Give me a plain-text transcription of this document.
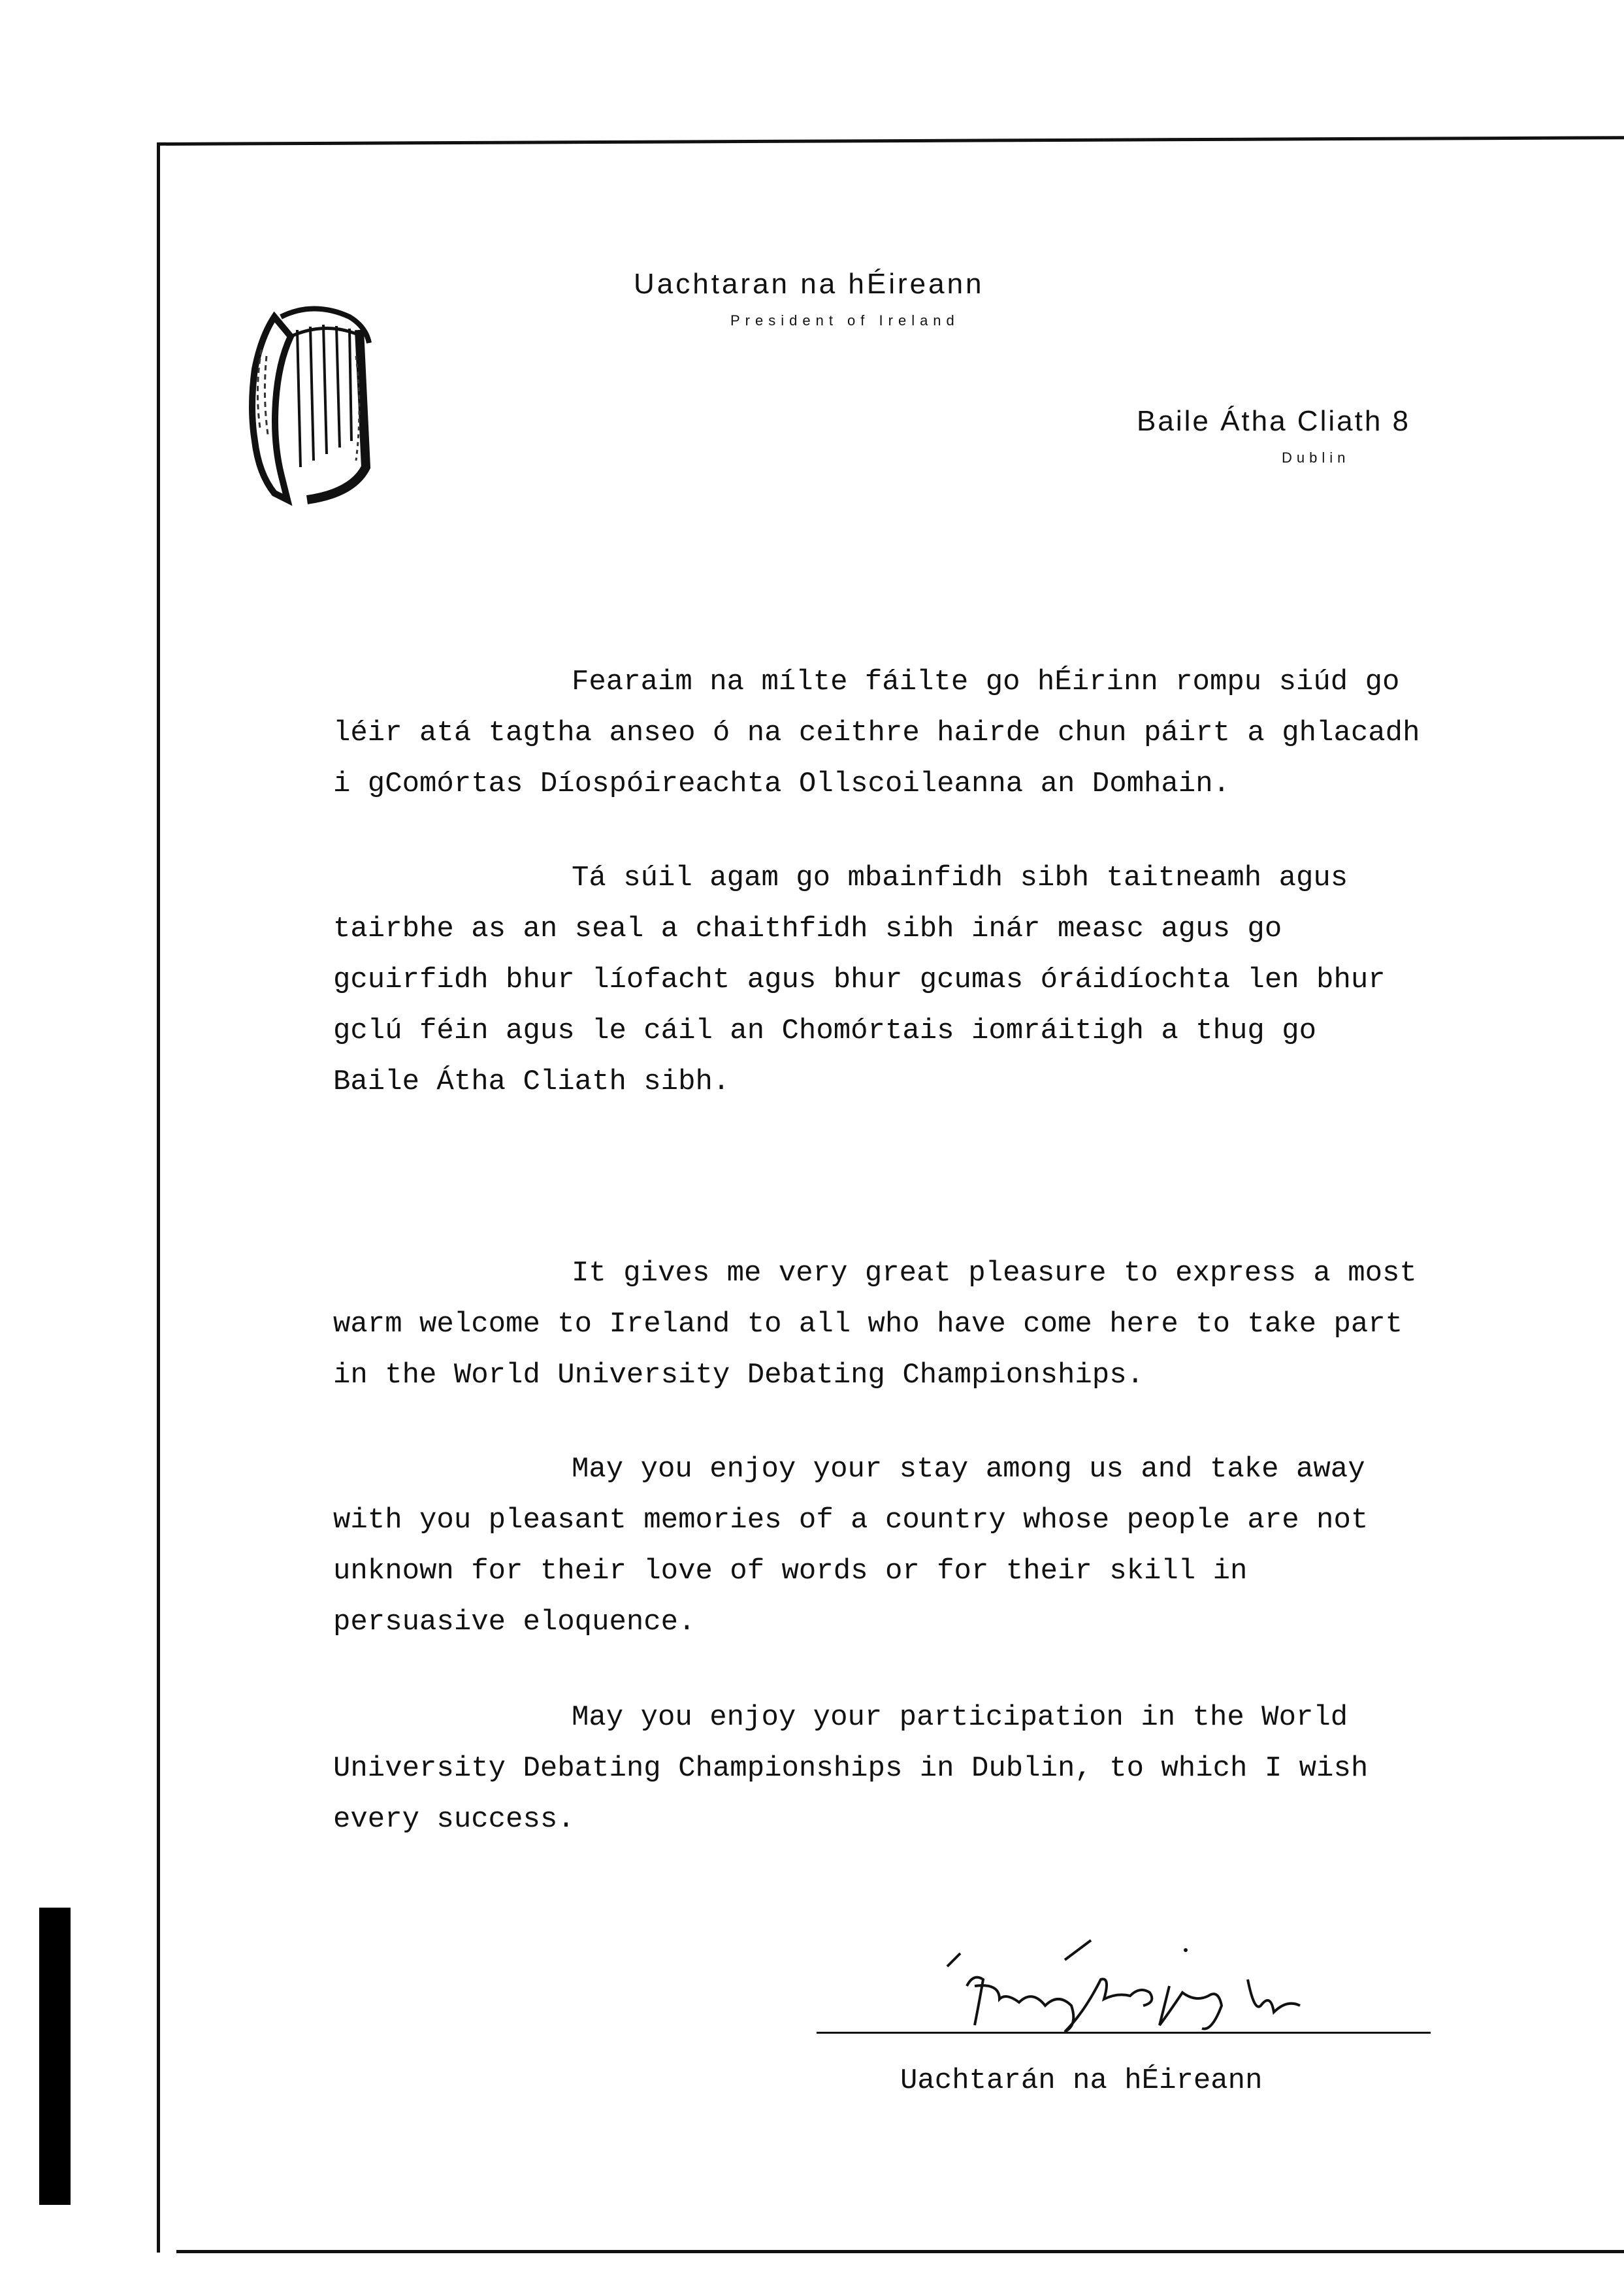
Uachtaran na hÉireann
President of Ireland
Baile Átha Cliath 8
Dublin
Fearaim na mílte fáilte go hÉirinn rompu siúd go
léir atá tagtha anseo ó na ceithre hairde chun páirt a ghlacadh
i gComórtas Díospóireachta Ollscoileanna an Domhain.
Tá súil agam go mbainfidh sibh taitneamh agus
tairbhe as an seal a chaithfidh sibh inár measc agus go
gcuirfidh bhur líofacht agus bhur gcumas óráidíochta len bhur
gclú féin agus le cáil an Chomórtais iomráitigh a thug go
Baile Átha Cliath sibh.
It gives me very great pleasure to express a most
warm welcome to Ireland to all who have come here to take part
in the World University Debating Championships.
May you enjoy your stay among us and take away
with you pleasant memories of a country whose people are not
unknown for their love of words or for their skill in
persuasive eloquence.
May you enjoy your participation in the World
University Debating Championships in Dublin, to which I wish
every success.
Uachtarán na hÉireann
